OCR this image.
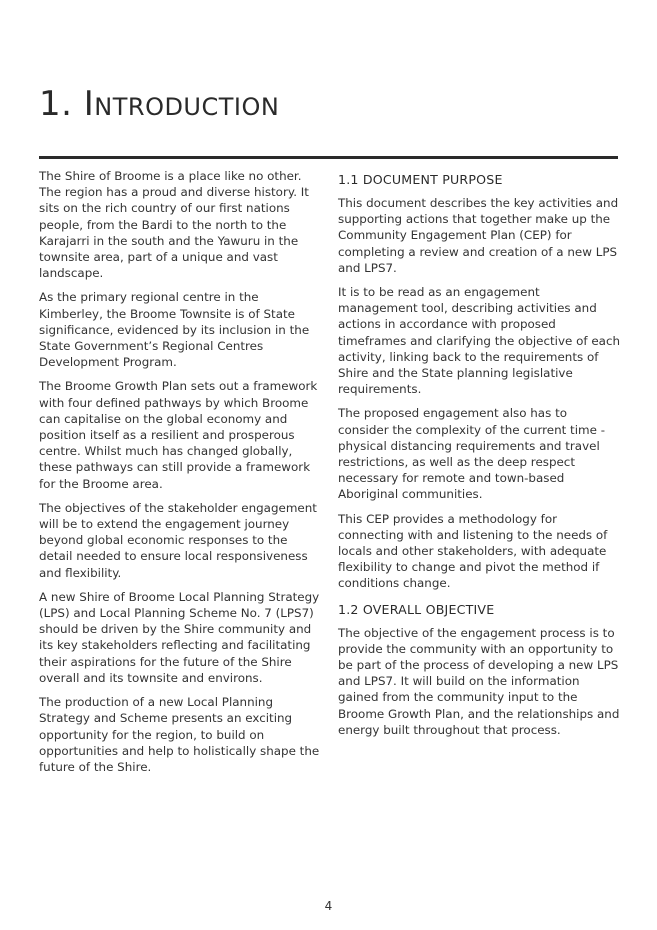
1. Introduction

The Shire of Broome is a place like no other. The region has a proud and diverse history. It sits on the rich country of our first nations people, from the Bardi to the north to the Karajarri in the south and the Yawuru in the townsite area, part of a unique and vast landscape.

As the primary regional centre in the Kimberley, the Broome Townsite is of State significance, evidenced by its inclusion in the State Government’s Regional Centres Development Program.

The Broome Growth Plan sets out a framework with four defined pathways by which Broome can capitalise on the global economy and position itself as a resilient and prosperous centre. Whilst much has changed globally, these pathways can still provide a framework for the Broome area.

The objectives of the stakeholder engagement will be to extend the engagement journey beyond global economic responses to the detail needed to ensure local responsiveness and flexibility.

A new Shire of Broome Local Planning Strategy (LPS) and Local Planning Scheme No. 7 (LPS7) should be driven by the Shire community and its key stakeholders reflecting and facilitating their aspirations for the future of the Shire overall and its townsite and environs.

The production of a new Local Planning Strategy and Scheme presents an exciting opportunity for the region, to build on opportunities and help to holistically shape the future of the Shire.

1.1 DOCUMENT PURPOSE

This document describes the key activities and supporting actions that together make up the Community Engagement Plan (CEP) for completing a review and creation of a new LPS and LPS7.

It is to be read as an engagement management tool, describing activities and actions in accordance with proposed timeframes and clarifying the objective of each activity, linking back to the requirements of Shire and the State planning legislative requirements.

The proposed engagement also has to consider the complexity of the current time - physical distancing requirements and travel restrictions, as well as the deep respect necessary for remote and town-based Aboriginal communities.

This CEP provides a methodology for connecting with and listening to the needs of locals and other stakeholders, with adequate flexibility to change and pivot the method if conditions change.

1.2 OVERALL OBJECTIVE

The objective of the engagement process is to provide the community with an opportunity to be part of the process of developing a new LPS and LPS7. It will build on the information gained from the community input to the Broome Growth Plan, and the relationships and energy built throughout that process.

4
